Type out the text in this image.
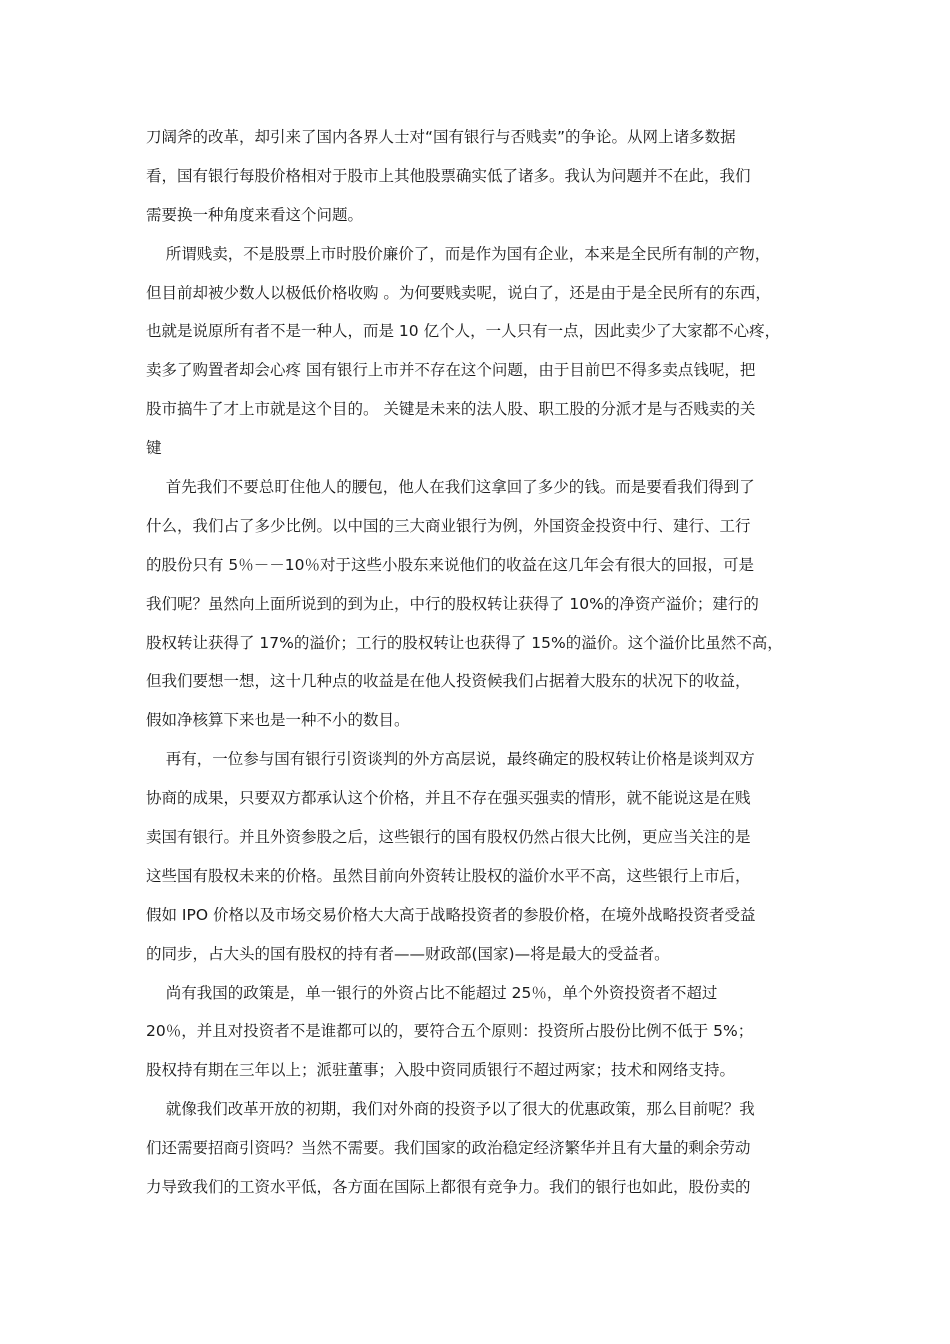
刀阔斧的改革，却引来了国内各界人士对“国有银行与否贱卖”的争论。从网上诸多数据
看，国有银行每股价格相对于股市上其他股票确实低了诸多。我认为问题并不在此，我们
需要换一种角度来看这个问题。
所谓贱卖，不是股票上市时股价廉价了，而是作为国有企业，本来是全民所有制的产物，
但目前却被少数人以极低价格收购 。为何要贱卖呢，说白了，还是由于是全民所有的东西，
也就是说原所有者不是一种人，而是 10 亿个人，一人只有一点，因此卖少了大家都不心疼，
卖多了购置者却会心疼 国有银行上市并不存在这个问题，由于目前巴不得多卖点钱呢，把
股市搞牛了才上市就是这个目的。 关键是未来的法人股、职工股的分派才是与否贱卖的关
键
首先我们不要总盯住他人的腰包，他人在我们这拿回了多少的钱。而是要看我们得到了
什么，我们占了多少比例。以中国的三大商业银行为例，外国资金投资中行、建行、工行
的股份只有 5％－－10％对于这些小股东来说他们的收益在这几年会有很大的回报，可是
我们呢？虽然向上面所说到的到为止，中行的股权转让获得了 10%的净资产溢价；建行的
股权转让获得了 17%的溢价；工行的股权转让也获得了 15%的溢价。这个溢价比虽然不高，
但我们要想一想，这十几种点的收益是在他人投资候我们占据着大股东的状况下的收益，
假如净核算下来也是一种不小的数目。
再有，一位参与国有银行引资谈判的外方高层说，最终确定的股权转让价格是谈判双方
协商的成果，只要双方都承认这个价格，并且不存在强买强卖的情形，就不能说这是在贱
卖国有银行。并且外资参股之后，这些银行的国有股权仍然占很大比例，更应当关注的是
这些国有股权未来的价格。虽然目前向外资转让股权的溢价水平不高，这些银行上市后，
假如 IPO 价格以及市场交易价格大大高于战略投资者的参股价格，在境外战略投资者受益
的同步，占大头的国有股权的持有者——财政部(国家)—将是最大的受益者。
尚有我国的政策是，单一银行的外资占比不能超过 25％，单个外资投资者不超过
20％，并且对投资者不是谁都可以的，要符合五个原则：投资所占股份比例不低于 5%；
股权持有期在三年以上；派驻董事；入股中资同质银行不超过两家；技术和网络支持。
就像我们改革开放的初期，我们对外商的投资予以了很大的优惠政策，那么目前呢？我
们还需要招商引资吗？当然不需要。我们国家的政治稳定经济繁华并且有大量的剩余劳动
力导致我们的工资水平低，各方面在国际上都很有竞争力。我们的银行也如此，股份卖的
